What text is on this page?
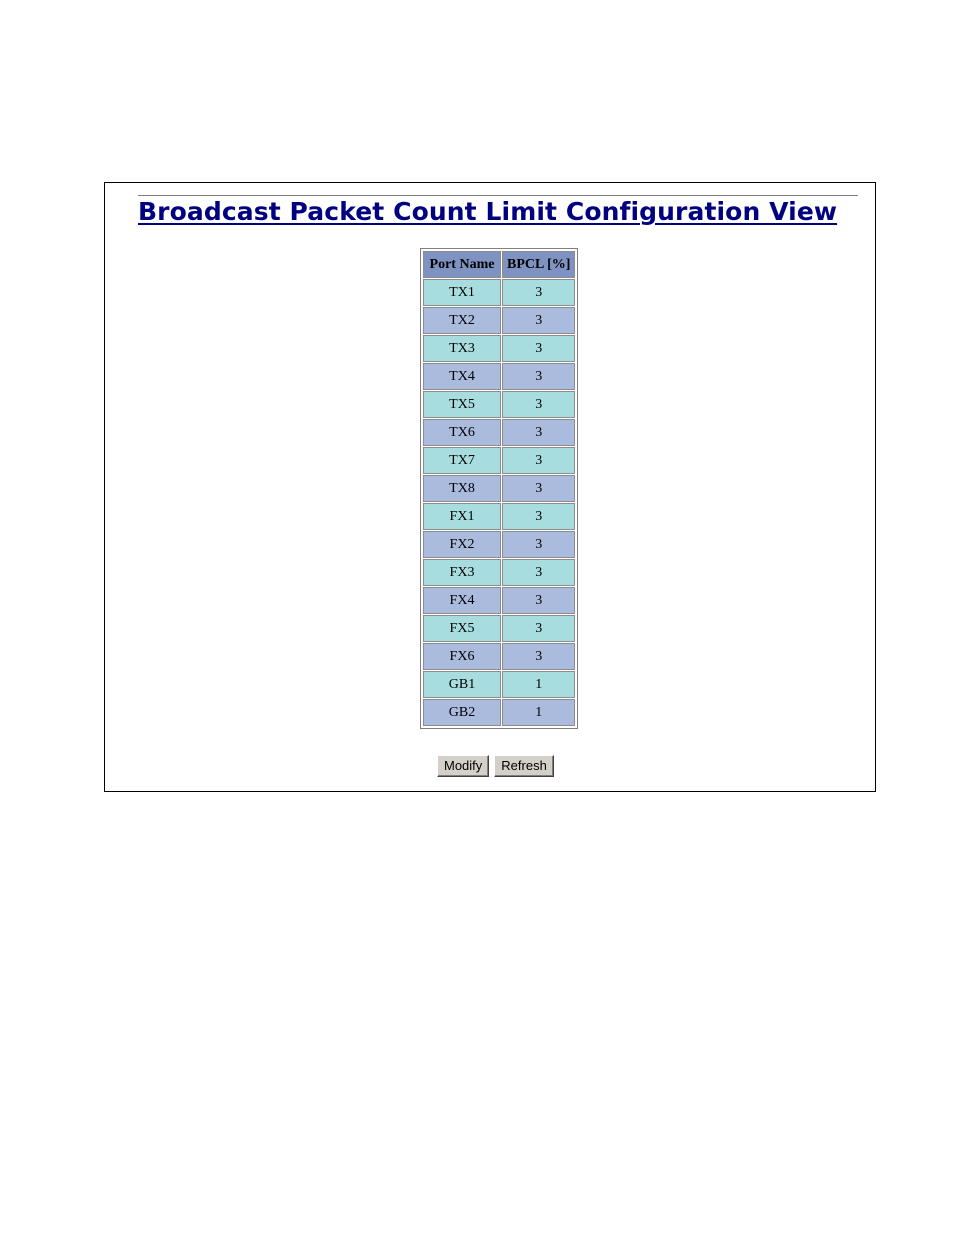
Broadcast Packet Count Limit Configuration View
Port Name	BPCL [%]
TX1	3
TX2	3
TX3	3
TX4	3
TX5	3
TX6	3
TX7	3
TX8	3
FX1	3
FX2	3
FX3	3
FX4	3
FX5	3
FX6	3
GB1	1
GB2	1
Modify	Refresh
